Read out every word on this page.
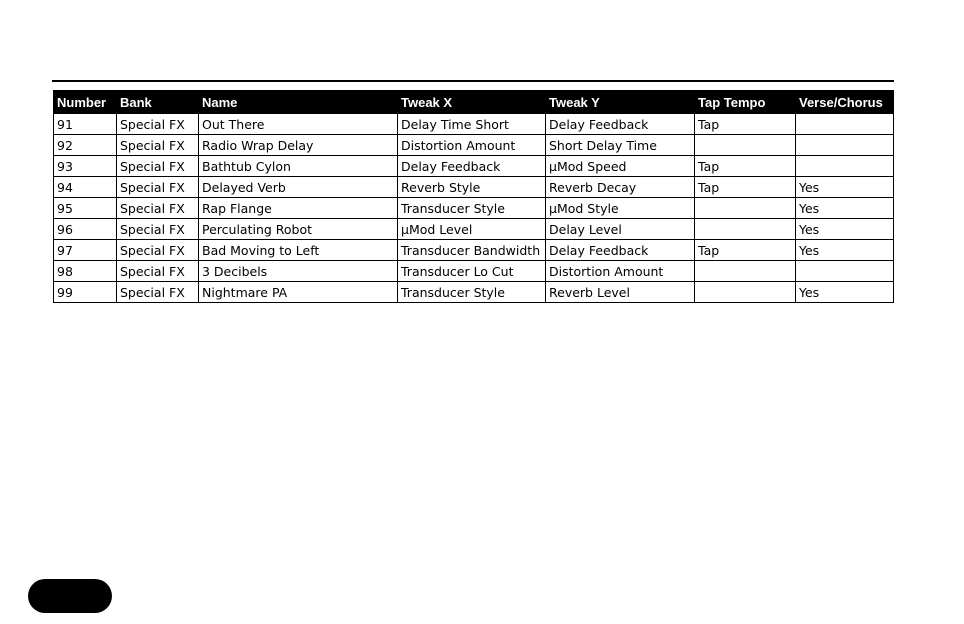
Number	Bank	Name	Tweak X	Tweak Y	Tap Tempo	Verse/Chorus
91	Special FX	Out There	Delay Time Short	Delay Feedback	Tap	
92	Special FX	Radio Wrap Delay	Distortion Amount	Short Delay Time		
93	Special FX	Bathtub Cylon	Delay Feedback	µMod Speed	Tap	
94	Special FX	Delayed Verb	Reverb Style	Reverb Decay	Tap	Yes
95	Special FX	Rap Flange	Transducer Style	µMod Style		Yes
96	Special FX	Perculating Robot	µMod Level	Delay Level		Yes
97	Special FX	Bad Moving to Left	Transducer Bandwidth	Delay Feedback	Tap	Yes
98	Special FX	3 Decibels	Transducer Lo Cut	Distortion Amount		
99	Special FX	Nightmare PA	Transducer Style	Reverb Level		Yes
